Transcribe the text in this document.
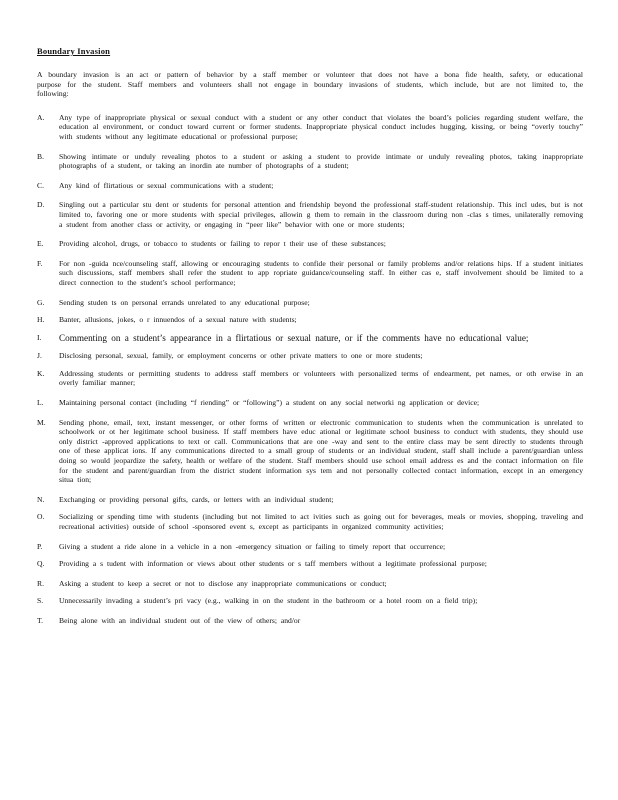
Boundary Invasion
A boundary invasion is an act or pattern of behavior by a staff member or volunteer that does not have a bona fide health, safety, or educational purpose for the student. Staff members and volunteers shall not engage in boundary invasions of students, which include, but are not limited to, the following:
A.	Any type of inappropriate physical or sexual conduct with a student or any other conduct that violates the board’s policies regarding student welfare, the education al environment, or conduct toward current or former students. Inappropriate physical conduct includes hugging, kissing, or being “overly touchy” with students without any legitimate educational or professional purpose;
B.	Showing intimate or unduly revealing photos to a student or asking a student to provide intimate or unduly revealing photos, taking inappropriate photographs of a student, or taking an inordin ate number of photographs of a student;
C.	Any kind of flirtatious or sexual communications with a student;
D.	Singling out a particular stu dent or students for personal attention and friendship beyond the professional staff-student relationship. This incl udes, but is not limited to, favoring one or more students with special privileges, allowin g them to remain in the classroom during non -clas s times, unilaterally removing a student from another class or activity, or engaging in “peer like” behavior with one or more students;
E.	Providing alcohol, drugs, or tobacco to students or failing to repor t their use of these substances;
F.	For non -guida nce/counseling staff, allowing or encouraging students to confide their personal or family problems and/or relations hips. If a student initiates such discussions, staff members shall refer the student to app ropriate guidance/counseling staff. In either cas e, staff involvement should be limited to a direct connection to the student’s school performance;
G.	Sending studen ts on personal errands unrelated to any educational purpose;
H.	Banter, allusions, jokes, o r innuendos of a sexual nature with students;
I.	Commenting on a student’s appearance in a flirtatious or sexual nature, or if the comments have no educational value;
J.	Disclosing personal, sexual, family, or employment concerns or other private matters to one or more students;
K.	Addressing students or permitting students to address staff members or volunteers with personalized terms of endearment, pet names, or oth erwise in an overly familiar manner;
L.	Maintaining personal contact (including “f riending” or “following”) a student on any social networki ng application or device;
M.	Sending phone, email, text, instant messenger, or other forms of written or electronic communication to students when the communication is unrelated to schoolwork or ot her legitimate school business. If staff members have educ ational or legitimate school business to conduct with students, they should use only district -approved applications to text or call. Communications that are one -way and sent to the entire class may be sent directly to students through one of these applicat ions. If any communications directed to a small group of students or an individual student, staff shall include a parent/guardian unless doing so would jeopardize the safety, health or welfare of the student. Staff members should use school email address es and the contact information on file for the student and parent/guardian from the district student information sys tem and not personally collected contact information, except in an emergency situa tion;
N.	Exchanging or providing personal gifts, cards, or letters with an individual student;
O.	Socializing or spending time with students (including but not limited to act ivities such as going out for beverages, meals or movies, shopping, traveling and recreational activities) outside of school -sponsored event s, except as participants in organized community activities;
P.	Giving a student a ride alone in a vehicle in a non -emergency situation or failing to timely report that occurrence;
Q.	Providing a s tudent with information or views about other students or s taff members without a legitimate professional purpose;
R.	Asking a student to keep a secret or not to disclose any inappropriate communications or conduct;
S.	Unnecessarily invading a student’s pri vacy (e.g., walking in on the student in the bathroom or a hotel room on a field trip);
T.	Being alone with an individual student out of the view of others; and/or
